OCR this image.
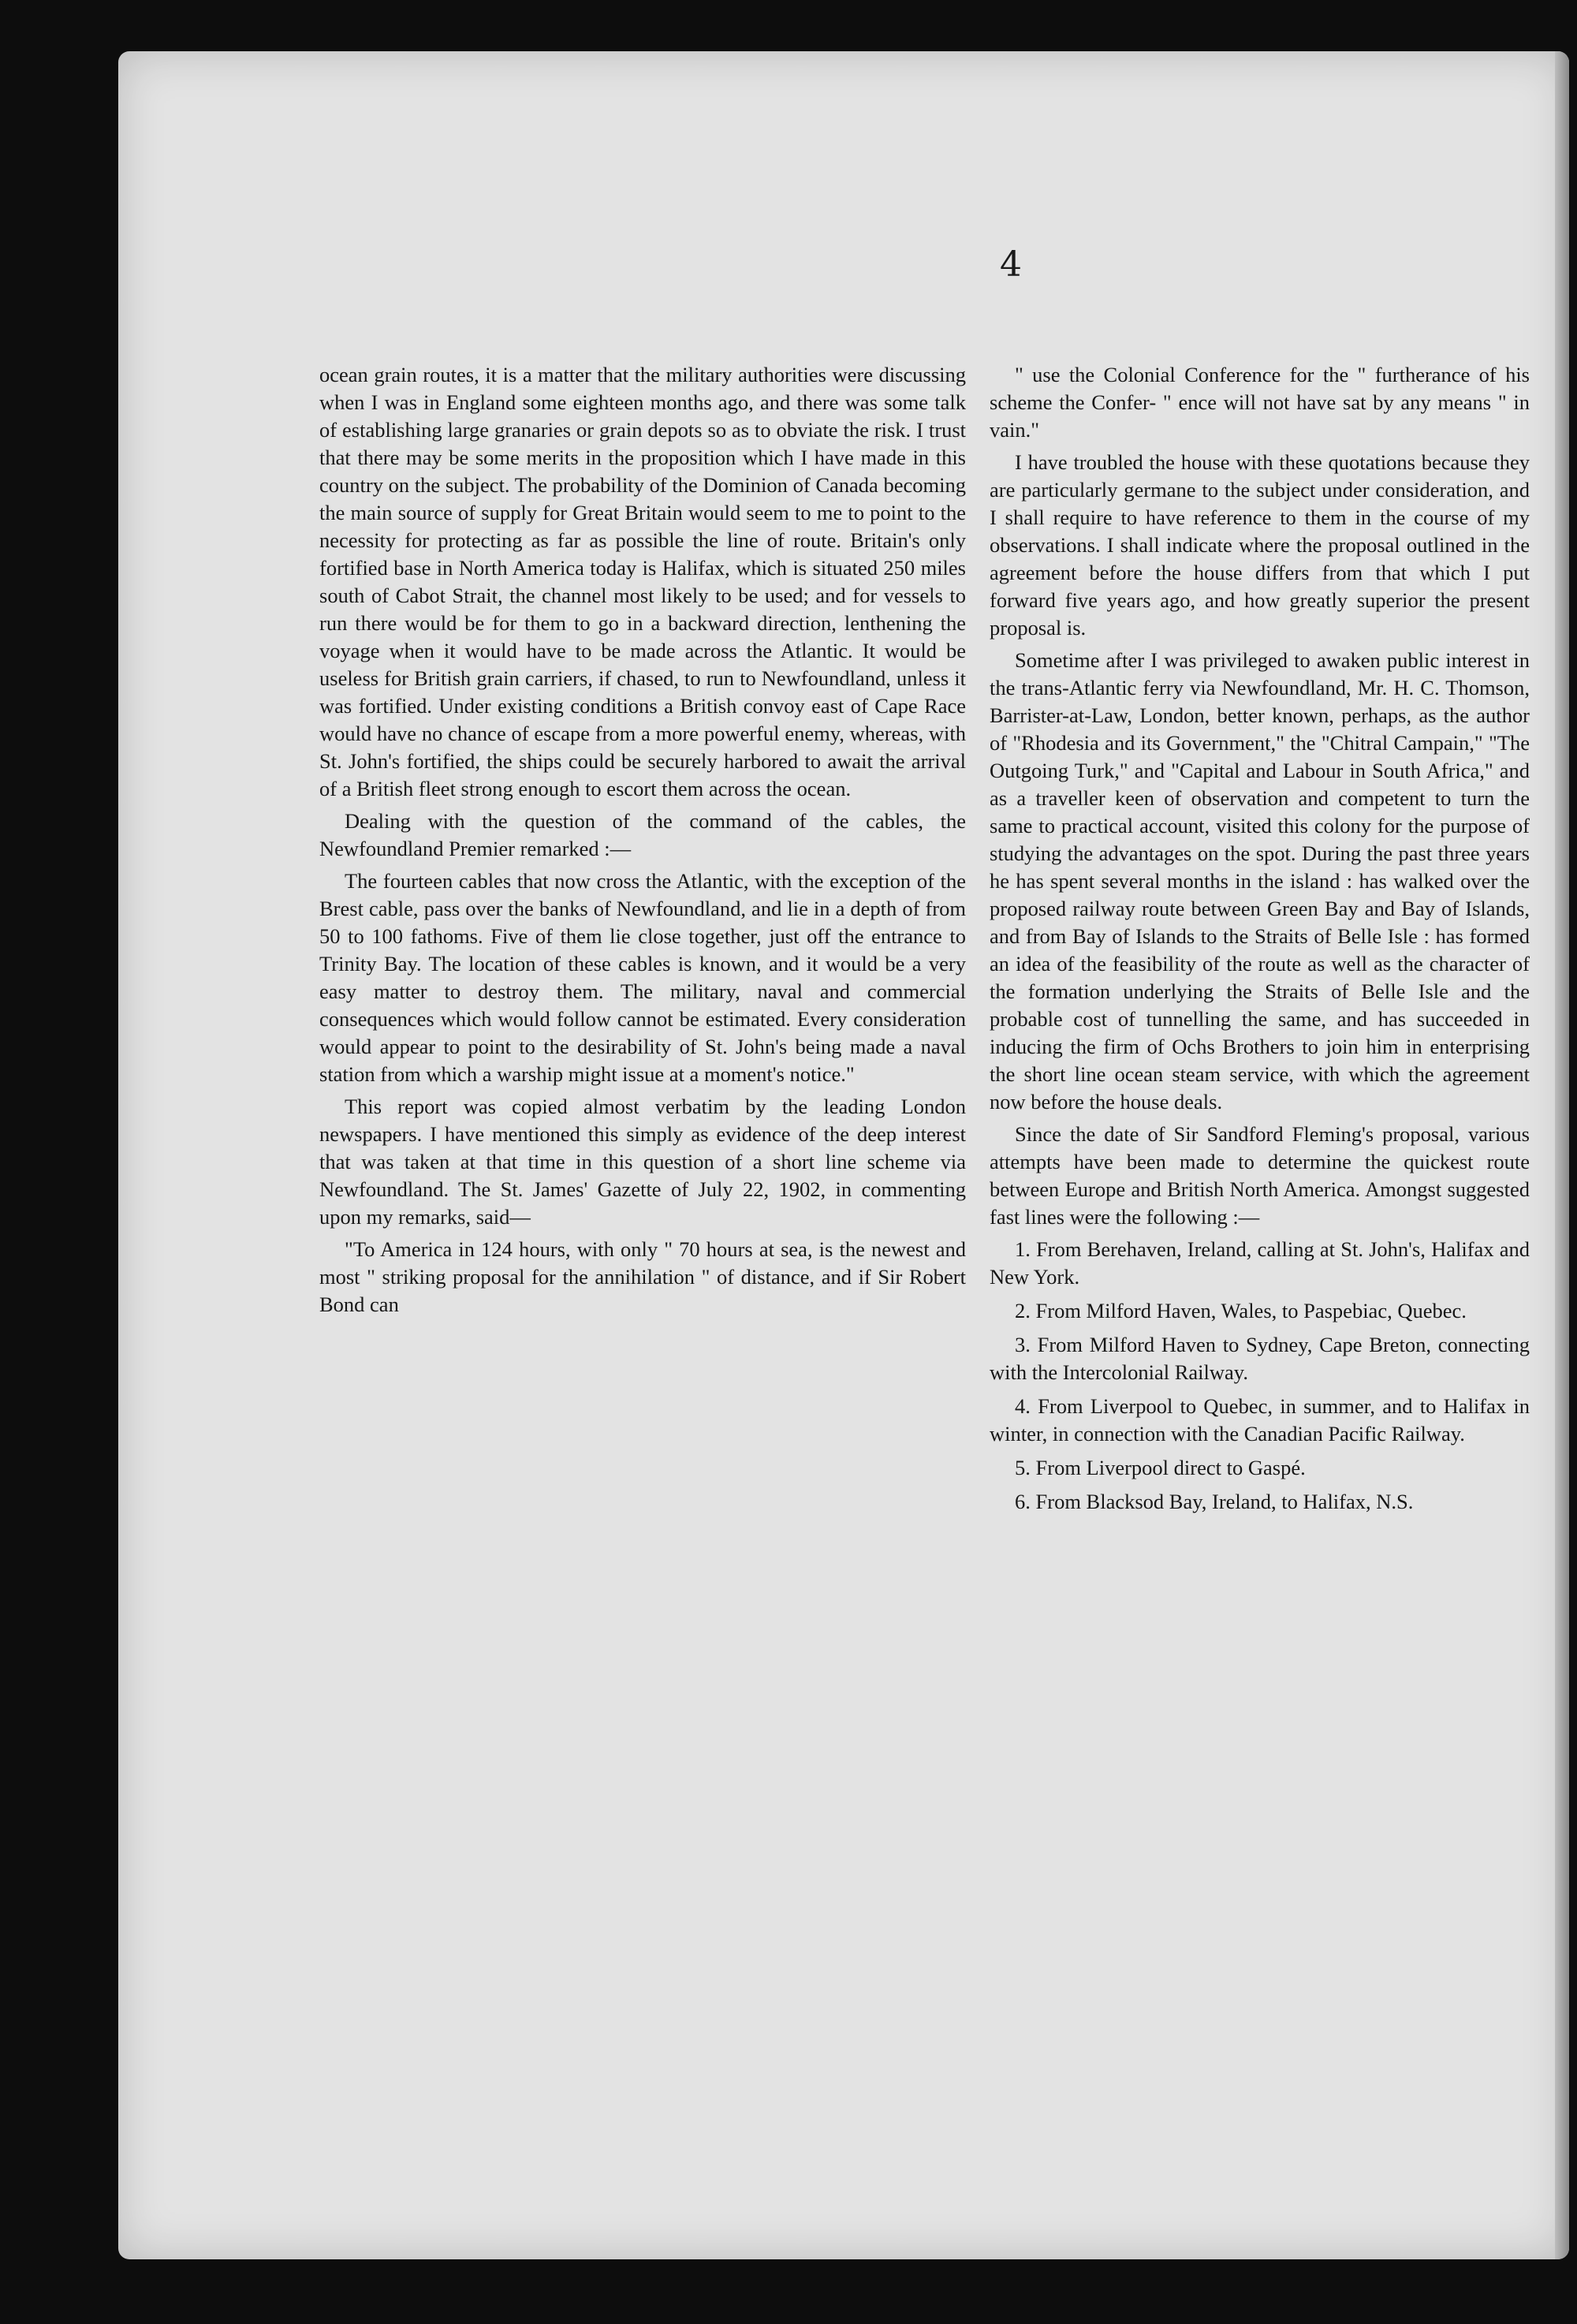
4

ocean grain routes, it is a matter that the military authorities were discussing when I was in England some eighteen months ago, and there was some talk of establishing large granaries or grain depots so as to obviate the risk. I trust that there may be some merits in the proposition which I have made in this country on the subject. The probability of the Dominion of Canada becoming the main source of supply for Great Britain would seem to me to point to the necessity for protecting as far as possible the line of route. Britain's only fortified base in North America today is Halifax, which is situated 250 miles south of Cabot Strait, the channel most likely to be used; and for vessels to run there would be for them to go in a backward direction, lenthening the voyage when it would have to be made across the Atlantic. It would be useless for British grain carriers, if chased, to run to Newfoundland, unless it was fortified. Under existing conditions a British convoy east of Cape Race would have no chance of escape from a more powerful enemy, whereas, with St. John's fortified, the ships could be securely harbored to await the arrival of a British fleet strong enough to escort them across the ocean.

Dealing with the question of the command of the cables, the Newfoundland Premier remarked :—

The fourteen cables that now cross the Atlantic, with the exception of the Brest cable, pass over the banks of Newfoundland, and lie in a depth of from 50 to 100 fathoms. Five of them lie close together, just off the entrance to Trinity Bay. The location of these cables is known, and it would be a very easy matter to destroy them. The military, naval and commercial consequences which would follow cannot be estimated. Every consideration would appear to point to the desirability of St. John's being made a naval station from which a warship might issue at a moment's notice."

This report was copied almost verbatim by the leading London newspapers. I have mentioned this simply as evidence of the deep interest that was taken at that time in this question of a short line scheme via Newfoundland. The St. James' Gazette of July 22, 1902, in commenting upon my remarks, said—

"To America in 124 hours, with only " 70 hours at sea, is the newest and most " striking proposal for the annihilation " of distance, and if Sir Robert Bond can

" use the Colonial Conference for the " furtherance of his scheme the Confer- " ence will not have sat by any means " in vain."

I have troubled the house with these quotations because they are particularly germane to the subject under consideration, and I shall require to have reference to them in the course of my observations. I shall indicate where the proposal outlined in the agreement before the house differs from that which I put forward five years ago, and how greatly superior the present proposal is.

Sometime after I was privileged to awaken public interest in the trans-Atlantic ferry via Newfoundland, Mr. H. C. Thomson, Barrister-at-Law, London, better known, perhaps, as the author of "Rhodesia and its Government," the "Chitral Campain," "The Outgoing Turk," and "Capital and Labour in South Africa," and as a traveller keen of observation and competent to turn the same to practical account, visited this colony for the purpose of studying the advantages on the spot. During the past three years he has spent several months in the island : has walked over the proposed railway route between Green Bay and Bay of Islands, and from Bay of Islands to the Straits of Belle Isle : has formed an idea of the feasibility of the route as well as the character of the formation underlying the Straits of Belle Isle and the probable cost of tunnelling the same, and has succeeded in inducing the firm of Ochs Brothers to join him in enterprising the short line ocean steam service, with which the agreement now before the house deals.

Since the date of Sir Sandford Fleming's proposal, various attempts have been made to determine the quickest route between Europe and British North America. Amongst suggested fast lines were the following :—

1. From Berehaven, Ireland, calling at St. John's, Halifax and New York.

2. From Milford Haven, Wales, to Paspebiac, Quebec.

3. From Milford Haven to Sydney, Cape Breton, connecting with the Intercolonial Railway.

4. From Liverpool to Quebec, in summer, and to Halifax in winter, in connection with the Canadian Pacific Railway.

5. From Liverpool direct to Gaspé.

6. From Blacksod Bay, Ireland, to Halifax, N.S.
